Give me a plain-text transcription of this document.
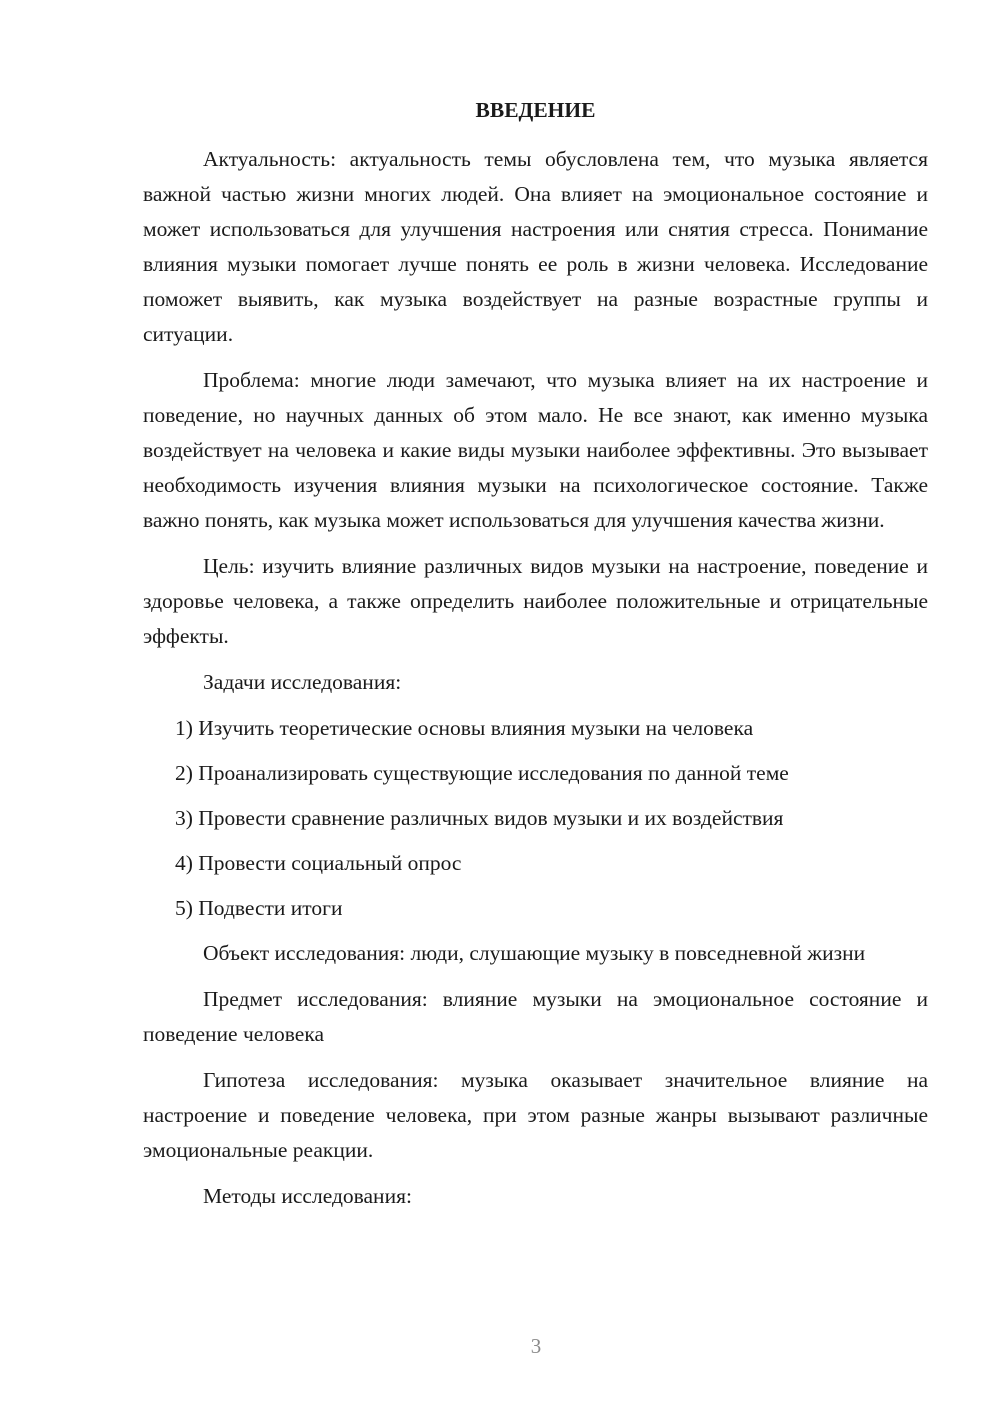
ВВЕДЕНИЕ

Актуальность: актуальность темы обусловлена тем, что музыка является важной частью жизни многих людей. Она влияет на эмоциональное состояние и может использоваться для улучшения настроения или снятия стресса. Понимание влияния музыки помогает лучше понять ее роль в жизни человека. Исследование поможет выявить, как музыка воздействует на разные возрастные группы и ситуации.

Проблема: многие люди замечают, что музыка влияет на их настроение и поведение, но научных данных об этом мало. Не все знают, как именно музыка воздействует на человека и какие виды музыки наиболее эффективны. Это вызывает необходимость изучения влияния музыки на психологическое состояние. Также важно понять, как музыка может использоваться для улучшения качества жизни.

Цель: изучить влияние различных видов музыки на настроение, поведение и здоровье человека, а также определить наиболее положительные и отрицательные эффекты.

Задачи исследования:

1) Изучить теоретические основы влияния музыки на человека
2) Проанализировать существующие исследования по данной теме
3) Провести сравнение различных видов музыки и их воздействия
4) Провести социальный опрос
5) Подвести итоги

Объект исследования: люди, слушающие музыку в повседневной жизни

Предмет исследования: влияние музыки на эмоциональное состояние и поведение человека

Гипотеза исследования: музыка оказывает значительное влияние на настроение и поведение человека, при этом разные жанры вызывают различные эмоциональные реакции.

Методы исследования:

3
